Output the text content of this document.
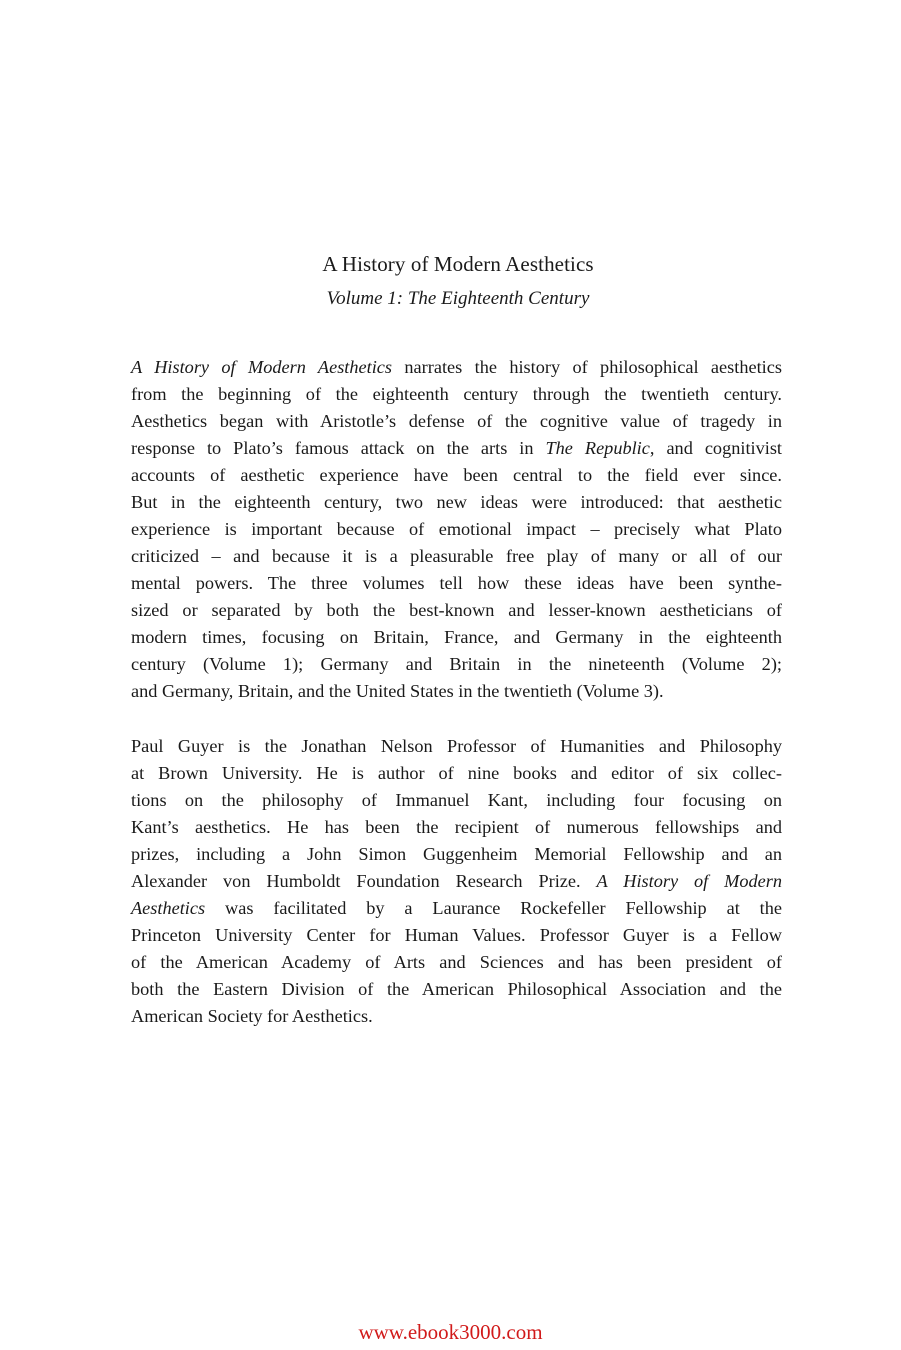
A History of Modern Aesthetics
Volume 1: The Eighteenth Century
A History of Modern Aesthetics narrates the history of philosophical aesthetics
from the beginning of the eighteenth century through the twentieth century.
Aesthetics began with Aristotle’s defense of the cognitive value of tragedy in
response to Plato’s famous attack on the arts in The Republic, and cognitivist
accounts of aesthetic experience have been central to the field ever since.
But in the eighteenth century, two new ideas were introduced: that aesthetic
experience is important because of emotional impact – precisely what Plato
criticized – and because it is a pleasurable free play of many or all of our
mental powers. The three volumes tell how these ideas have been synthe-
sized or separated by both the best-known and lesser-known aestheticians of
modern times, focusing on Britain, France, and Germany in the eighteenth
century (Volume 1); Germany and Britain in the nineteenth (Volume 2);
and Germany, Britain, and the United States in the twentieth (Volume 3).
Paul Guyer is the Jonathan Nelson Professor of Humanities and Philosophy
at Brown University. He is author of nine books and editor of six collec-
tions on the philosophy of Immanuel Kant, including four focusing on
Kant’s aesthetics. He has been the recipient of numerous fellowships and
prizes, including a John Simon Guggenheim Memorial Fellowship and an
Alexander von Humboldt Foundation Research Prize. A History of Modern
Aesthetics was facilitated by a Laurance Rockefeller Fellowship at the
Princeton University Center for Human Values. Professor Guyer is a Fellow
of the American Academy of Arts and Sciences and has been president of
both the Eastern Division of the American Philosophical Association and the
American Society for Aesthetics.
www.ebook3000.com
